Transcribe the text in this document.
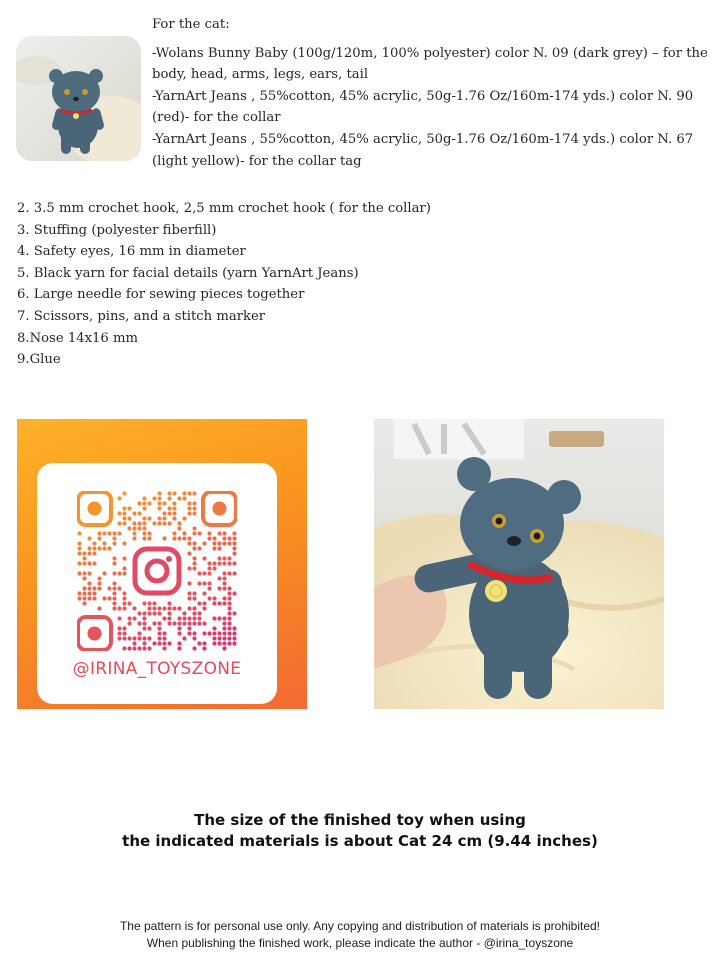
For the cat:

-Wolans Bunny Baby (100g/120m, 100% polyester) color N. 09 (dark grey) – for the body, head, arms, legs, ears, tail

-YarnArt Jeans , 55%cotton, 45% acrylic, 50g-1.76 Oz/160m-174 yds.) color N. 90 (red)- for the collar

-YarnArt Jeans , 55%cotton, 45% acrylic, 50g-1.76 Oz/160m-174 yds.) color N. 67 (light yellow)- for the collar tag

2. 3.5 mm crochet hook, 2,5 mm crochet hook ( for the collar)
3. Stuffing (polyester fiberfill)
4. Safety eyes, 16 mm in diameter
5. Black yarn for facial details (yarn YarnArt Jeans)
6. Large needle for sewing pieces together
7. Scissors, pins, and a stitch marker
8.Nose 14x16 mm
9.Glue
@IRINA_TOYSZONE
The size of the finished toy when using
the indicated materials is about Cat 24 cm (9.44 inches)
The pattern is for personal use only. Any copying and distribution of materials is prohibited!
When publishing the finished work, please indicate the author - @irina_toyszone
